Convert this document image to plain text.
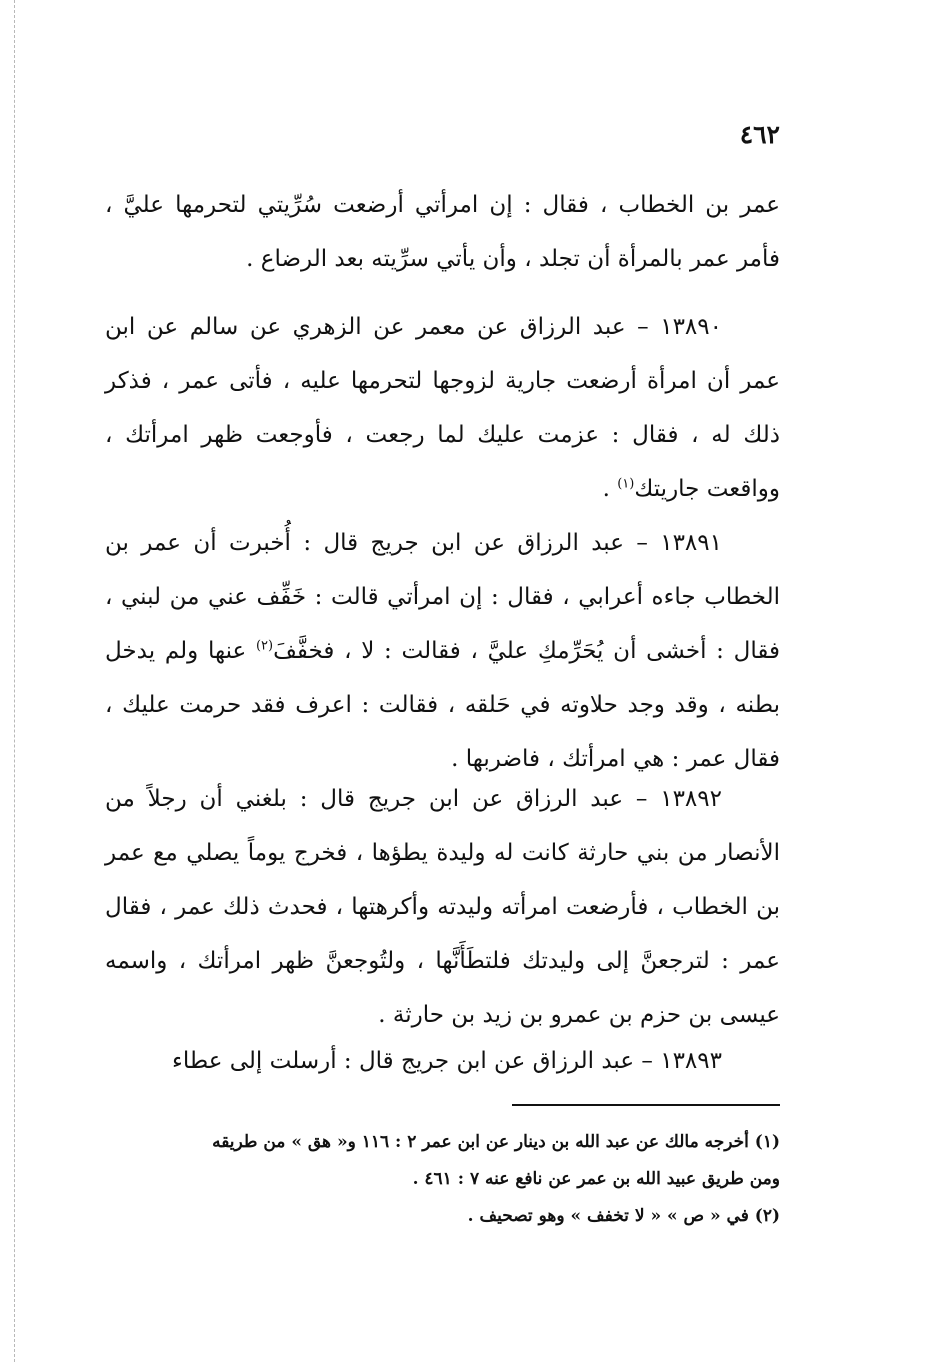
٤٦٢

عمر بن الخطاب ، فقال : إن امرأتي أرضعت سُرِّيتي لتحرمها عليَّ ، فأمر عمر بالمرأة أن تجلد ، وأن يأتي سرِّيته بعد الرضاع .

١٣٨٩٠ – عبد الرزاق عن معمر عن الزهري عن سالم عن ابن عمر أن امرأة أرضعت جارية لزوجها لتحرمها عليه ، فأتى عمر ، فذكر ذلك له ، فقال : عزمت عليك لما رجعت ، فأوجعت ظهر امرأتك ، وواقعت جاريتك$^{(١)}$ .

١٣٨٩١ – عبد الرزاق عن ابن جريج قال : أُخبرت أن عمر بن الخطاب جاءه أعرابي ، فقال : إن امرأتي قالت : خَفِّف عني من لبني ، فقال : أخشى أن يُحَرِّمكِ عليَّ ، فقالت : لا ، فخفَّفَ$^{(٢)}$ عنها ولم يدخل بطنه ، وقد وجد حلاوته في حَلقه ، فقالت : اعرف فقد حرمت عليك ، فقال عمر : هي امرأتك ، فاضربها .

١٣٨٩٢ – عبد الرزاق عن ابن جريج قال : بلغني أن رجلاً من الأنصار من بني حارثة كانت له وليدة يطؤها ، فخرج يوماً يصلي مع عمر بن الخطاب ، فأرضعت امرأته وليدته وأكرهتها ، فحدث ذلك عمر ، فقال عمر : لترجعنَّ إلى وليدتك فلتطَأَنَّها ، ولتُوجعنَّ ظهر امرأتك ، واسمه عيسى بن حزم بن عمرو بن زيد بن حارثة .

١٣٨٩٣ – عبد الرزاق عن ابن جريج قال : أرسلت إلى عطاء

(١) أخرجه مالك عن عبد الله بن دينار عن ابن عمر ٢ : ١١٦ و« هق » من طريقه

ومن طريق عبيد الله بن عمر عن نافع عنه ٧ : ٤٦١ .

(٢) في « ص » « لا تخفف » وهو تصحيف .
